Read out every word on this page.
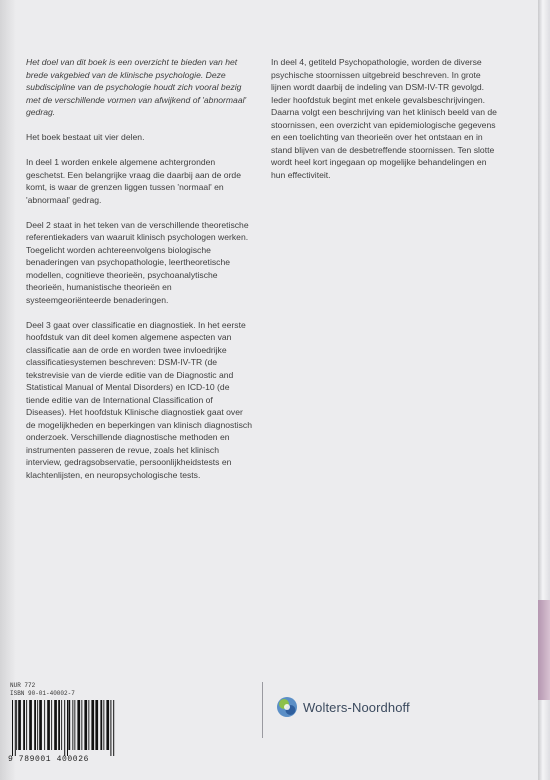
Het doel van dit boek is een overzicht te bieden van het brede vakgebied van de klinische psychologie. Deze subdiscipline van de psychologie houdt zich vooral bezig met de verschillende vormen van afwijkend of 'abnormaal' gedrag.

Het boek bestaat uit vier delen.

In deel 1 worden enkele algemene achtergronden geschetst. Een belangrijke vraag die daarbij aan de orde komt, is waar de grenzen liggen tussen 'normaal' en 'abnormaal' gedrag.

Deel 2 staat in het teken van de verschillende theoretische referentiekaders van waaruit klinisch psychologen werken. Toegelicht worden achtereenvolgens biologische benaderingen van psychopathologie, leertheoretische modellen, cognitieve theorieën, psychoanalytische theorieën, humanistische theorieën en systeemgeoriënteerde benaderingen.

Deel 3 gaat over classificatie en diagnostiek. In het eerste hoofdstuk van dit deel komen algemene aspecten van classificatie aan de orde en worden twee invloedrijke classificatiesystemen beschreven: DSM-IV-TR (de tekstrevisie van de vierde editie van de Diagnostic and Statistical Manual of Mental Disorders) en ICD-10 (de tiende editie van de International Classification of Diseases). Het hoofdstuk Klinische diagnostiek gaat over de mogelijkheden en beperkingen van klinisch diagnostisch onderzoek. Verschillende diagnostische methoden en instrumenten passeren de revue, zoals het klinisch interview, gedragsobservatie, persoonlijkheidstests en klachtenlijsten, en neuropsychologische tests.

In deel 4, getiteld Psychopathologie, worden de diverse psychische stoornissen uitgebreid beschreven. In grote lijnen wordt daarbij de indeling van DSM-IV-TR gevolgd. Ieder hoofdstuk begint met enkele gevalsbeschrijvingen. Daarna volgt een beschrijving van het klinisch beeld van de stoornissen, een overzicht van epidemiologische gegevens en een toelichting van theorieën over het ontstaan en in stand blijven van de desbetreffende stoornissen. Ten slotte wordt heel kort ingegaan op mogelijke behandelingen en hun effectiviteit.

NUR 772
ISBN 90-01-40002-7
9 789001 400026
Wolters-Noordhoff
